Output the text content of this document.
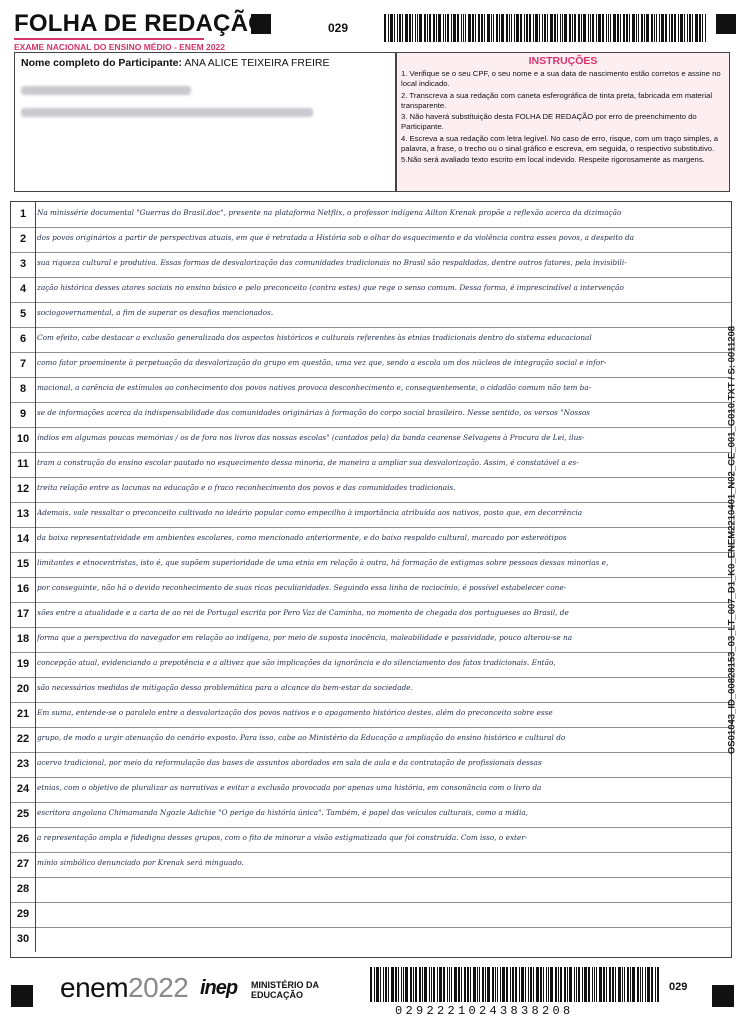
FOLHA DE REDAÇÃO
EXAME NACIONAL DO ENSINO MÉDIO - ENEM 2022
029
Nome completo do Participante: ANA ALICE TEIXEIRA FREIRE	INSTRUÇÕES
1. Verifique se o seu CPF, o seu nome e a sua data de nascimento estão corretos e assine no local indicado.
2. Transcreva a sua redação com caneta esferográfica de tinta preta, fabricada em material transparente.
3. Não haverá substituição desta FOLHA DE REDAÇÃO por erro de preenchimento do Participante.
4. Escreva a sua redação com letra legível. No caso de erro, risque, com um traço simples, a palavra, a frase, o trecho ou o sinal gráfico e escreva, em seguida, o respectivo substitutivo.
5.Não será avaliado texto escrito em local indevido. Respeite rigorosamente as margens.
1	Na minissérie documental "Guerras do Brasil.doc", presente na plataforma Netflix, o professor indígena Ailton Krenak propõe a reflexão acerca da dizimação
2	dos povos originários a partir de perspectivas atuais, em que é retratada a História sob o olhar do esquecimento e da violência contra esses povos, a despeito da
3	sua riqueza cultural e produtiva. Essas formas de desvalorização das comunidades tradicionais no Brasil são respaldadas, dentre outros fatores, pela invisibili-
4	zação histórica desses atores sociais no ensino básico e pelo preconceito (contra estes) que rege o senso comum. Dessa forma, é imprescindível a intervenção
5	sociogovernamental, a fim de superar os desafios mencionados.
6	Com efeito, cabe destacar a exclusão generalizada dos aspectos históricos e culturais referentes às etnias tradicionais dentro do sistema educacional
7	como fator proeminente à perpetuação da desvalorização do grupo em questão, uma vez que, sendo a escola um dos núcleos de integração social e infor-
8	macional, a carência de estímulos ao conhecimento dos povos nativos provoca desconhecimento e, consequentemente, o cidadão comum não tem ba-
9	se de informações acerca da indispensabilidade das comunidades originárias à formação do corpo social brasileiro. Nesse sentido, os versos "Nossos
10	índios em algumas poucas memórias / os de fora nos livros das nossas escolas" (cantados pela) da banda cearense Selvagens à Procura de Lei, ilus-
11	tram a construção do ensino escolar pautado no esquecimento dessa minoria, de maneira a ampliar sua desvalorização. Assim, é constatável a es-
12	treita relação entre as lacunas na educação e o fraco reconhecimento dos povos e das comunidades tradicionais.
13	Ademais, vale ressaltar o preconceito cultivado no ideário popular como empecilho à importância atribuída aos nativos, posto que, em decorrência
14	da baixa representatividade em ambientes escolares, como mencionado anteriormente, e do baixo respaldo cultural, marcado por estereótipos
15	limitantes e etnocentristas, isto é, que supõem superioridade de uma etnia em relação à outra, há formação de estigmas sobre pessoas dessas minorias e,
16	por conseguinte, não há o devido reconhecimento de suas ricas peculiaridades. Seguindo essa linha de raciocínio, é possível estabelecer cone-
17	xões entre a atualidade e a carta de ao rei de Portugal escrita por Pero Vaz de Caminha, no momento de chegada dos portugueses ao Brasil, de
18	forma que a perspectiva do navegador em relação ao indígena, por meio de suposta inocência, maleabilidade e passividade, pouco alterou-se na
19	concepção atual, evidenciando a prepotência e a altivez que são implicações da ignorância e do silenciamento dos fatos tradicionais. Então,
20	são necessários medidas de mitigação dessa problemática para o alcance do bem-estar da sociedade.
21	Em suma, entende-se o paralelo entre a desvalorização dos povos nativos e o apagamento histórico destes, além do preconceito sobre esse
22	grupo, de modo a urgir atenuação do cenário exposto. Para isso, cabe ao Ministério da Educação a ampliação do ensino histórico e cultural do
23	acervo tradicional, por meio da reformulação das bases de assuntos abordados em sala de aula e da contratação de profissionais dessas
24	etnias, com o objetivo de pluralizar as narrativas e evitar a exclusão provocada por apenas uma história, em consonância com o livro da
25	escritora angolana Chimamanda Ngozie Adichie "O perigo da história única". Também, é papel dos veículos culturais, como a mídia,
26	a representação ampla e fidedigna desses grupos, com o fito de minorar a visão estigmatizada que foi construída. Com isso, o exter-
27	mínio simbólico denunciado por Krenak será minguado.
28
29
30
OS01043_ID_00828153_03_LT_007_D1_K0_ENEM2210401_N02_CE_001_G010.TXT / S: 0011208
enem2022 inep MINISTÉRIO DA
EDUCAÇÃO
02922210243838208
029
